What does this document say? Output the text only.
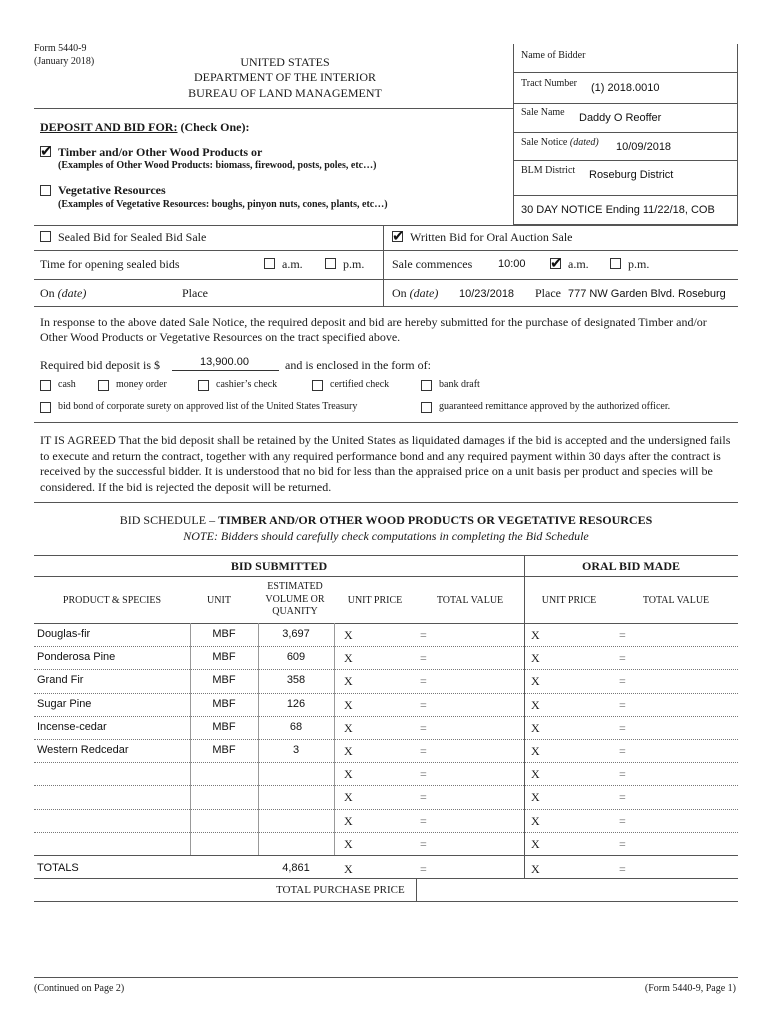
Form 5440-9
(January 2018)	UNITED STATES
DEPARTMENT OF THE INTERIOR
BUREAU OF LAND MANAGEMENT
Name of Bidder
Tract Number (1) 2018.0010
Sale Name Daddy O Reoffer
Sale Notice (dated) 10/09/2018
BLM District Roseburg District
30 DAY NOTICE Ending 11/22/18, COB
DEPOSIT AND BID FOR: (Check One):
✔
Timber and/or Other Wood Products or
(Examples of Other Wood Products: biomass, firewood, posts, poles, etc…)
Vegetative Resources
(Examples of Vegetative Resources: boughs, pinyon nuts, cones, plants, etc…)
Sealed Bid for Sealed Bid Sale ✔	Written Bid for Oral Auction Sale
Time for opening sealed bids	a.m.	p.m. Sale commences 10:00 ✔	a.m.	p.m.
On (date)	Place	On (date) 10/23/2018 Place 777 NW Garden Blvd. Roseburg
In response to the above dated Sale Notice, the required deposit and bid are hereby submitted for the purchase of designated Timber and/or Other Wood Products or Vegetative Resources on the tract specified above.
Required bid deposit is $	13,900.00	and is enclosed in the form of:
cash	money order	cashier’s check	certified check	bank draft
bid bond of corporate surety on approved list of the United States Treasury	guaranteed remittance approved by the authorized officer.
IT IS AGREED That the bid deposit shall be retained by the United States as liquidated damages if the bid is accepted and the undersigned fails to execute and return the contract, together with any required performance bond and any required payment within 30 days after the contract is received by the successful bidder. It is understood that no bid for less than the appraised price on a unit basis per product and species will be considered. If the bid is rejected the deposit will be returned.
BID SCHEDULE – TIMBER AND/OR OTHER WOOD PRODUCTS OR VEGETATIVE RESOURCES
NOTE: Bidders should carefully check computations in completing the Bid Schedule
BID SUBMITTED	ORAL BID MADE
PRODUCT & SPECIES	UNIT
ESTIMATED VOLUME OR QUANITY
UNIT PRICE	TOTAL VALUE	UNIT PRICE	TOTAL VALUE
Douglas-fir	MBF	3,697	X	=	X	=
Ponderosa Pine	MBF	609	X	=	X	=
Grand Fir	MBF	358	X	=	X	=
Sugar Pine	MBF	126	X	=	X	=
Incense-cedar	MBF	68	X	=	X	=
Western Redcedar	MBF	3	X	=	X	=
X	=	X	=
X	=	X	=
X	=	X	=
X	=	X	=
TOTALS	4,861	X	=	X	=
TOTAL PURCHASE PRICE
(Continued on Page 2)	(Form 5440-9, Page 1)
